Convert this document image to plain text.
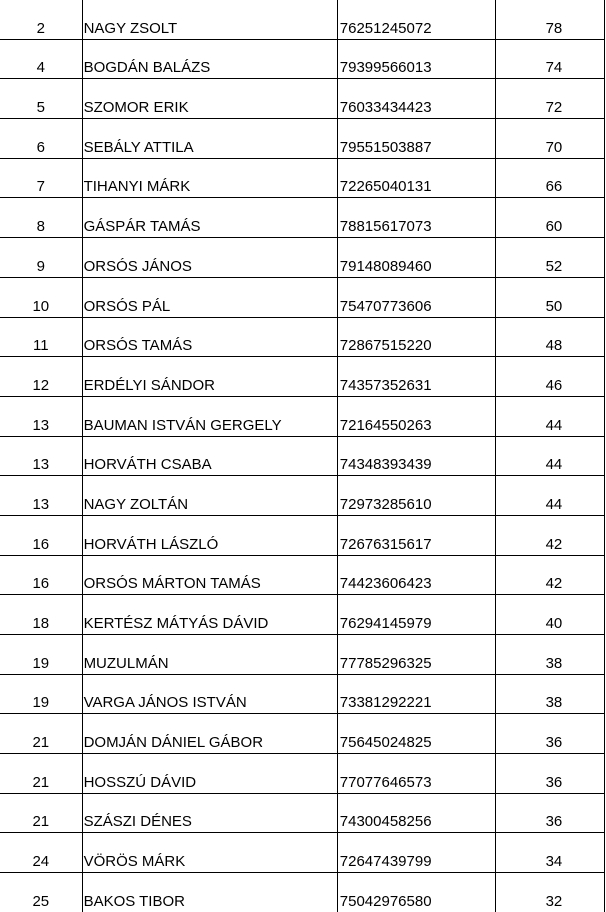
2	NAGY ZSOLT	76251245072	78
4	BOGDÁN BALÁZS	79399566013	74
5	SZOMOR ERIK	76033434423	72
6	SEBÁLY ATTILA	79551503887	70
7	TIHANYI MÁRK	72265040131	66
8	GÁSPÁR TAMÁS	78815617073	60
9	ORSÓS JÁNOS	79148089460	52
10	ORSÓS PÁL	75470773606	50
11	ORSÓS TAMÁS	72867515220	48
12	ERDÉLYI SÁNDOR	74357352631	46
13	BAUMAN ISTVÁN GERGELY	72164550263	44
13	HORVÁTH CSABA	74348393439	44
13	NAGY ZOLTÁN	72973285610	44
16	HORVÁTH LÁSZLÓ	72676315617	42
16	ORSÓS MÁRTON TAMÁS	74423606423	42
18	KERTÉSZ MÁTYÁS DÁVID	76294145979	40
19	MUZULMÁN	77785296325	38
19	VARGA JÁNOS ISTVÁN	73381292221	38
21	DOMJÁN DÁNIEL GÁBOR	75645024825	36
21	HOSSZÚ DÁVID	77077646573	36
21	SZÁSZI DÉNES	74300458256	36
24	VÖRÖS MÁRK	72647439799	34
25	BAKOS TIBOR	75042976580	32
